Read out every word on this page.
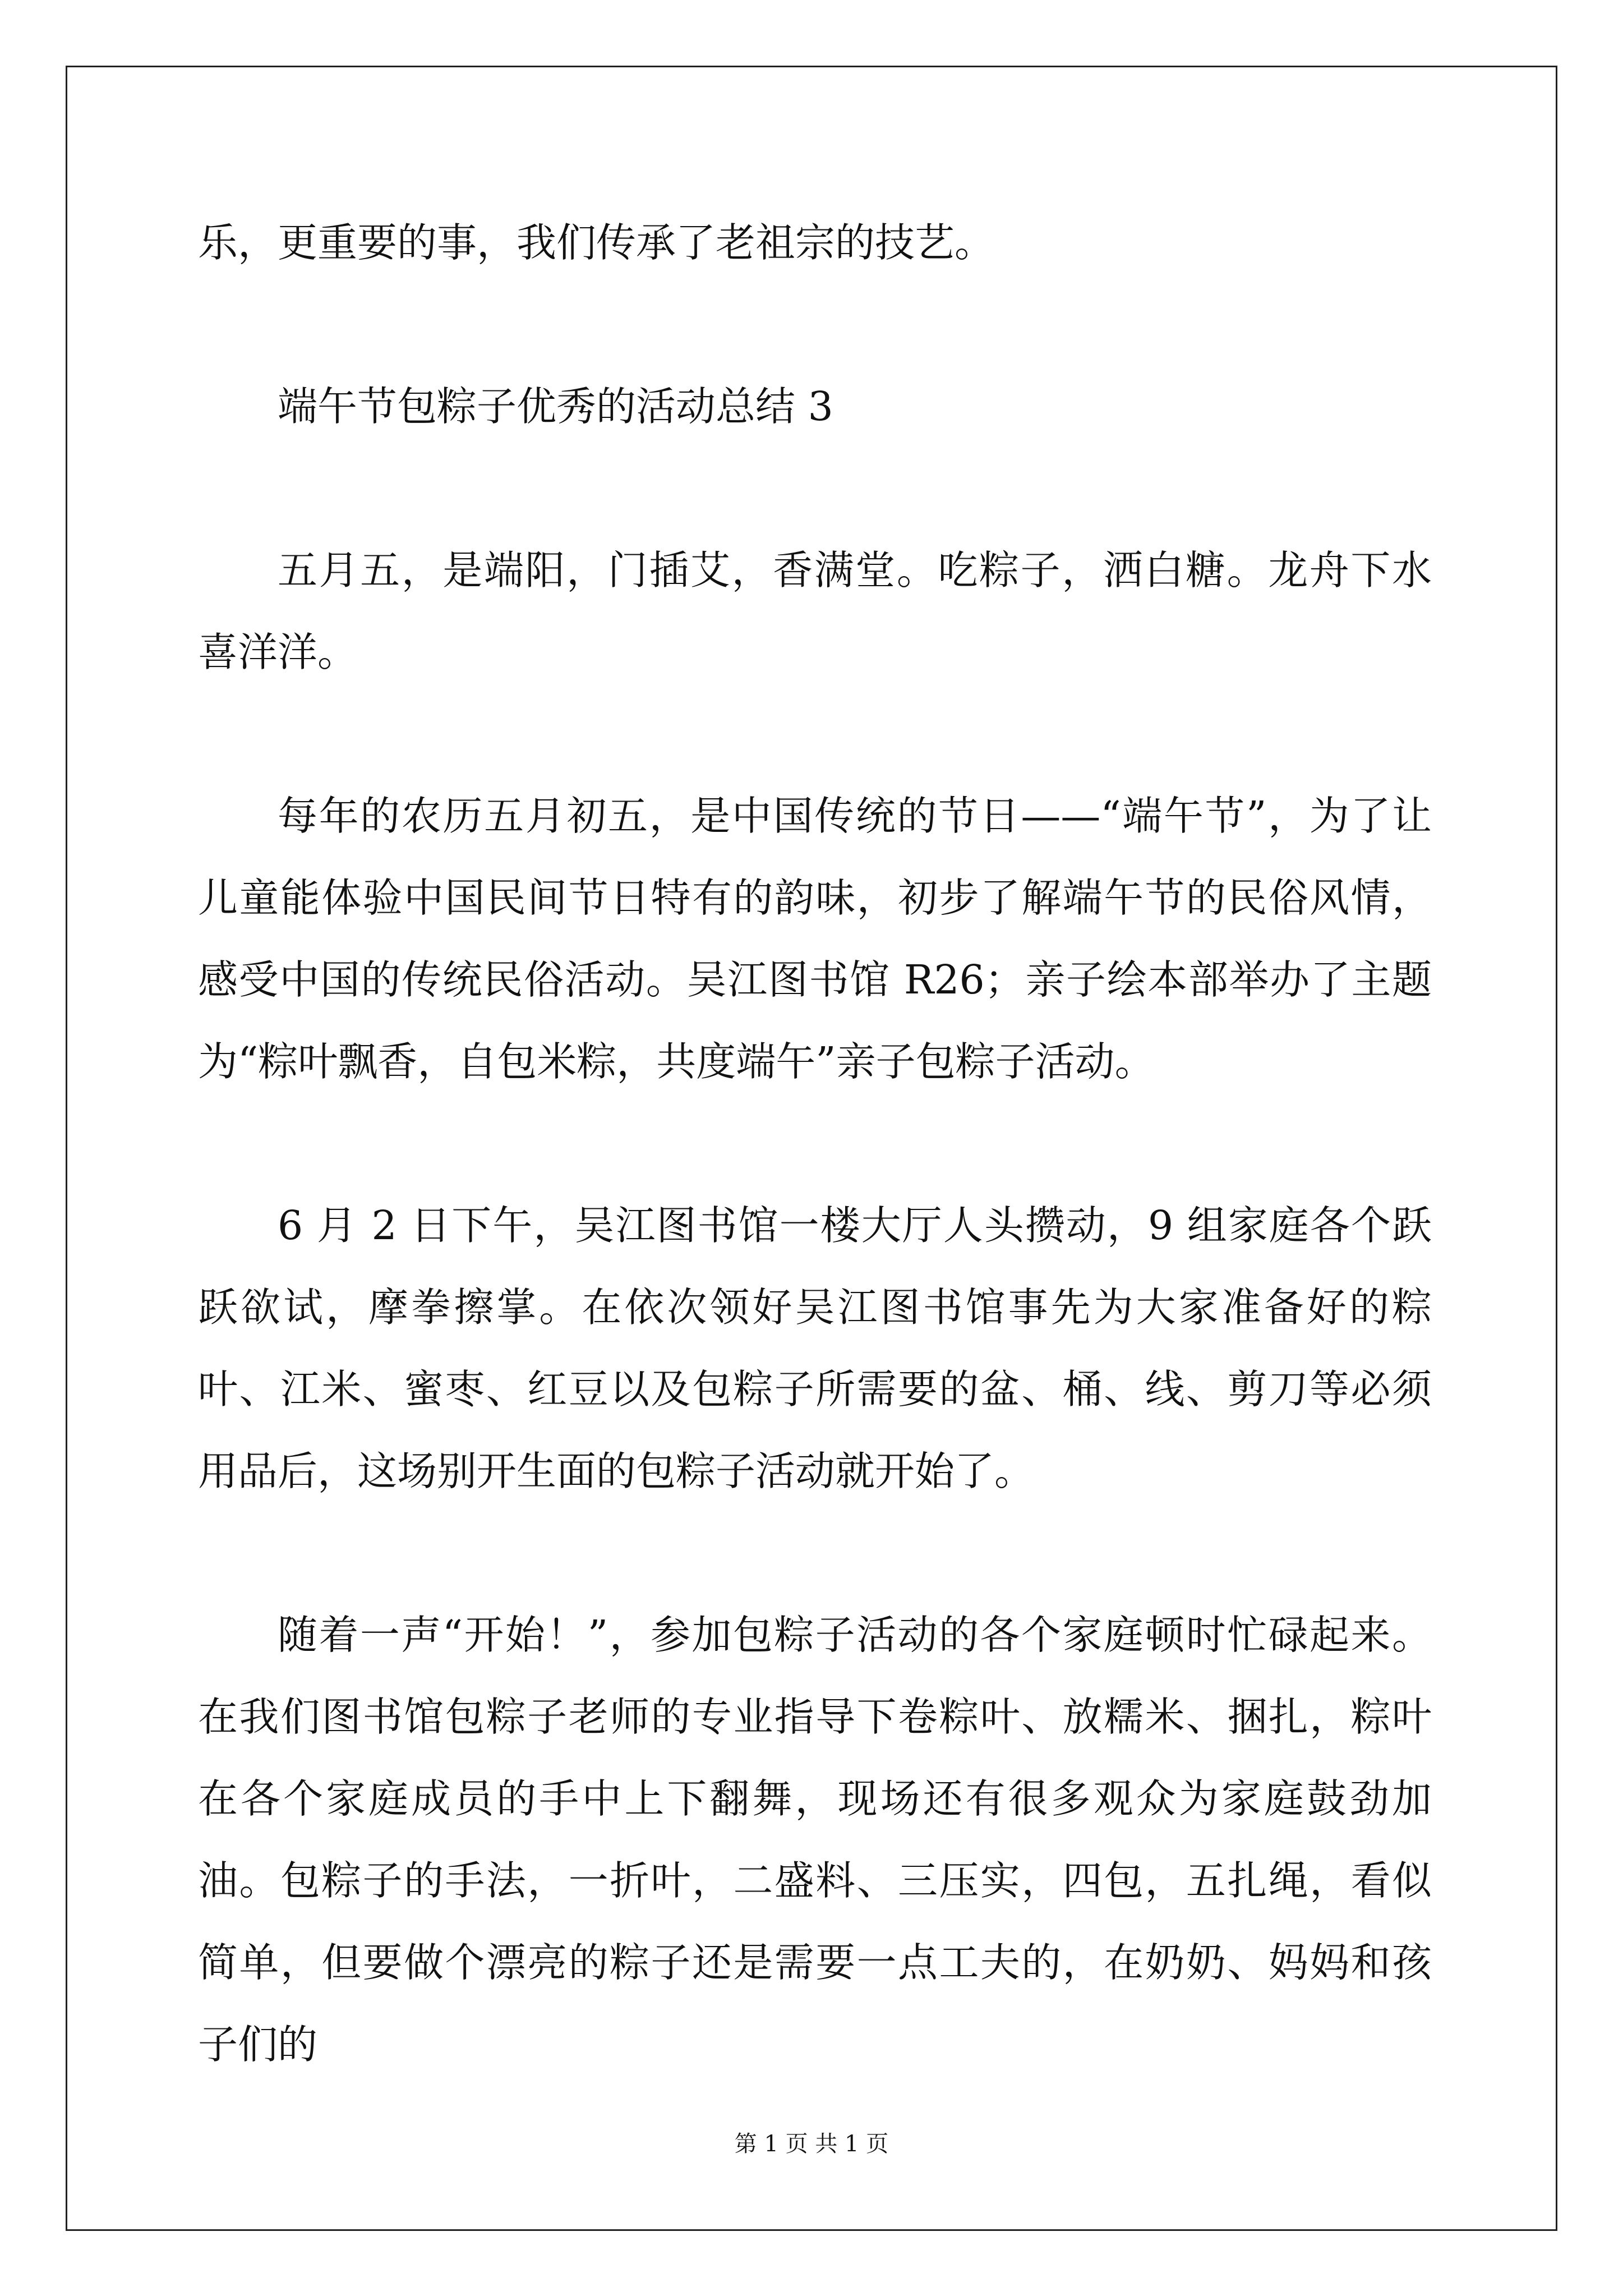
乐，更重要的事，我们传承了老祖宗的技艺。

端午节包粽子优秀的活动总结 3

五月五，是端阳，门插艾，香满堂。吃粽子，洒白糖。龙舟下水喜洋洋。

每年的农历五月初五，是中国传统的节日——“端午节”，为了让儿童能体验中国民间节日特有的韵味，初步了解端午节的民俗风情，感受中国的传统民俗活动。吴江图书馆 R26；亲子绘本部举办了主题为“粽叶飘香，自包米粽，共度端午”亲子包粽子活动。

6 月 2 日下午，吴江图书馆一楼大厅人头攒动，9 组家庭各个跃跃欲试，摩拳擦掌。在依次领好吴江图书馆事先为大家准备好的粽叶、江米、蜜枣、红豆以及包粽子所需要的盆、桶、线、剪刀等必须用品后，这场别开生面的包粽子活动就开始了。

随着一声“开始！”，参加包粽子活动的各个家庭顿时忙碌起来。在我们图书馆包粽子老师的专业指导下卷粽叶、放糯米、捆扎，粽叶在各个家庭成员的手中上下翻舞，现场还有很多观众为家庭鼓劲加油。包粽子的手法，一折叶，二盛料、三压实，四包，五扎绳，看似简单，但要做个漂亮的粽子还是需要一点工夫的，在奶奶、妈妈和孩子们的

第 1 页 共 1 页
